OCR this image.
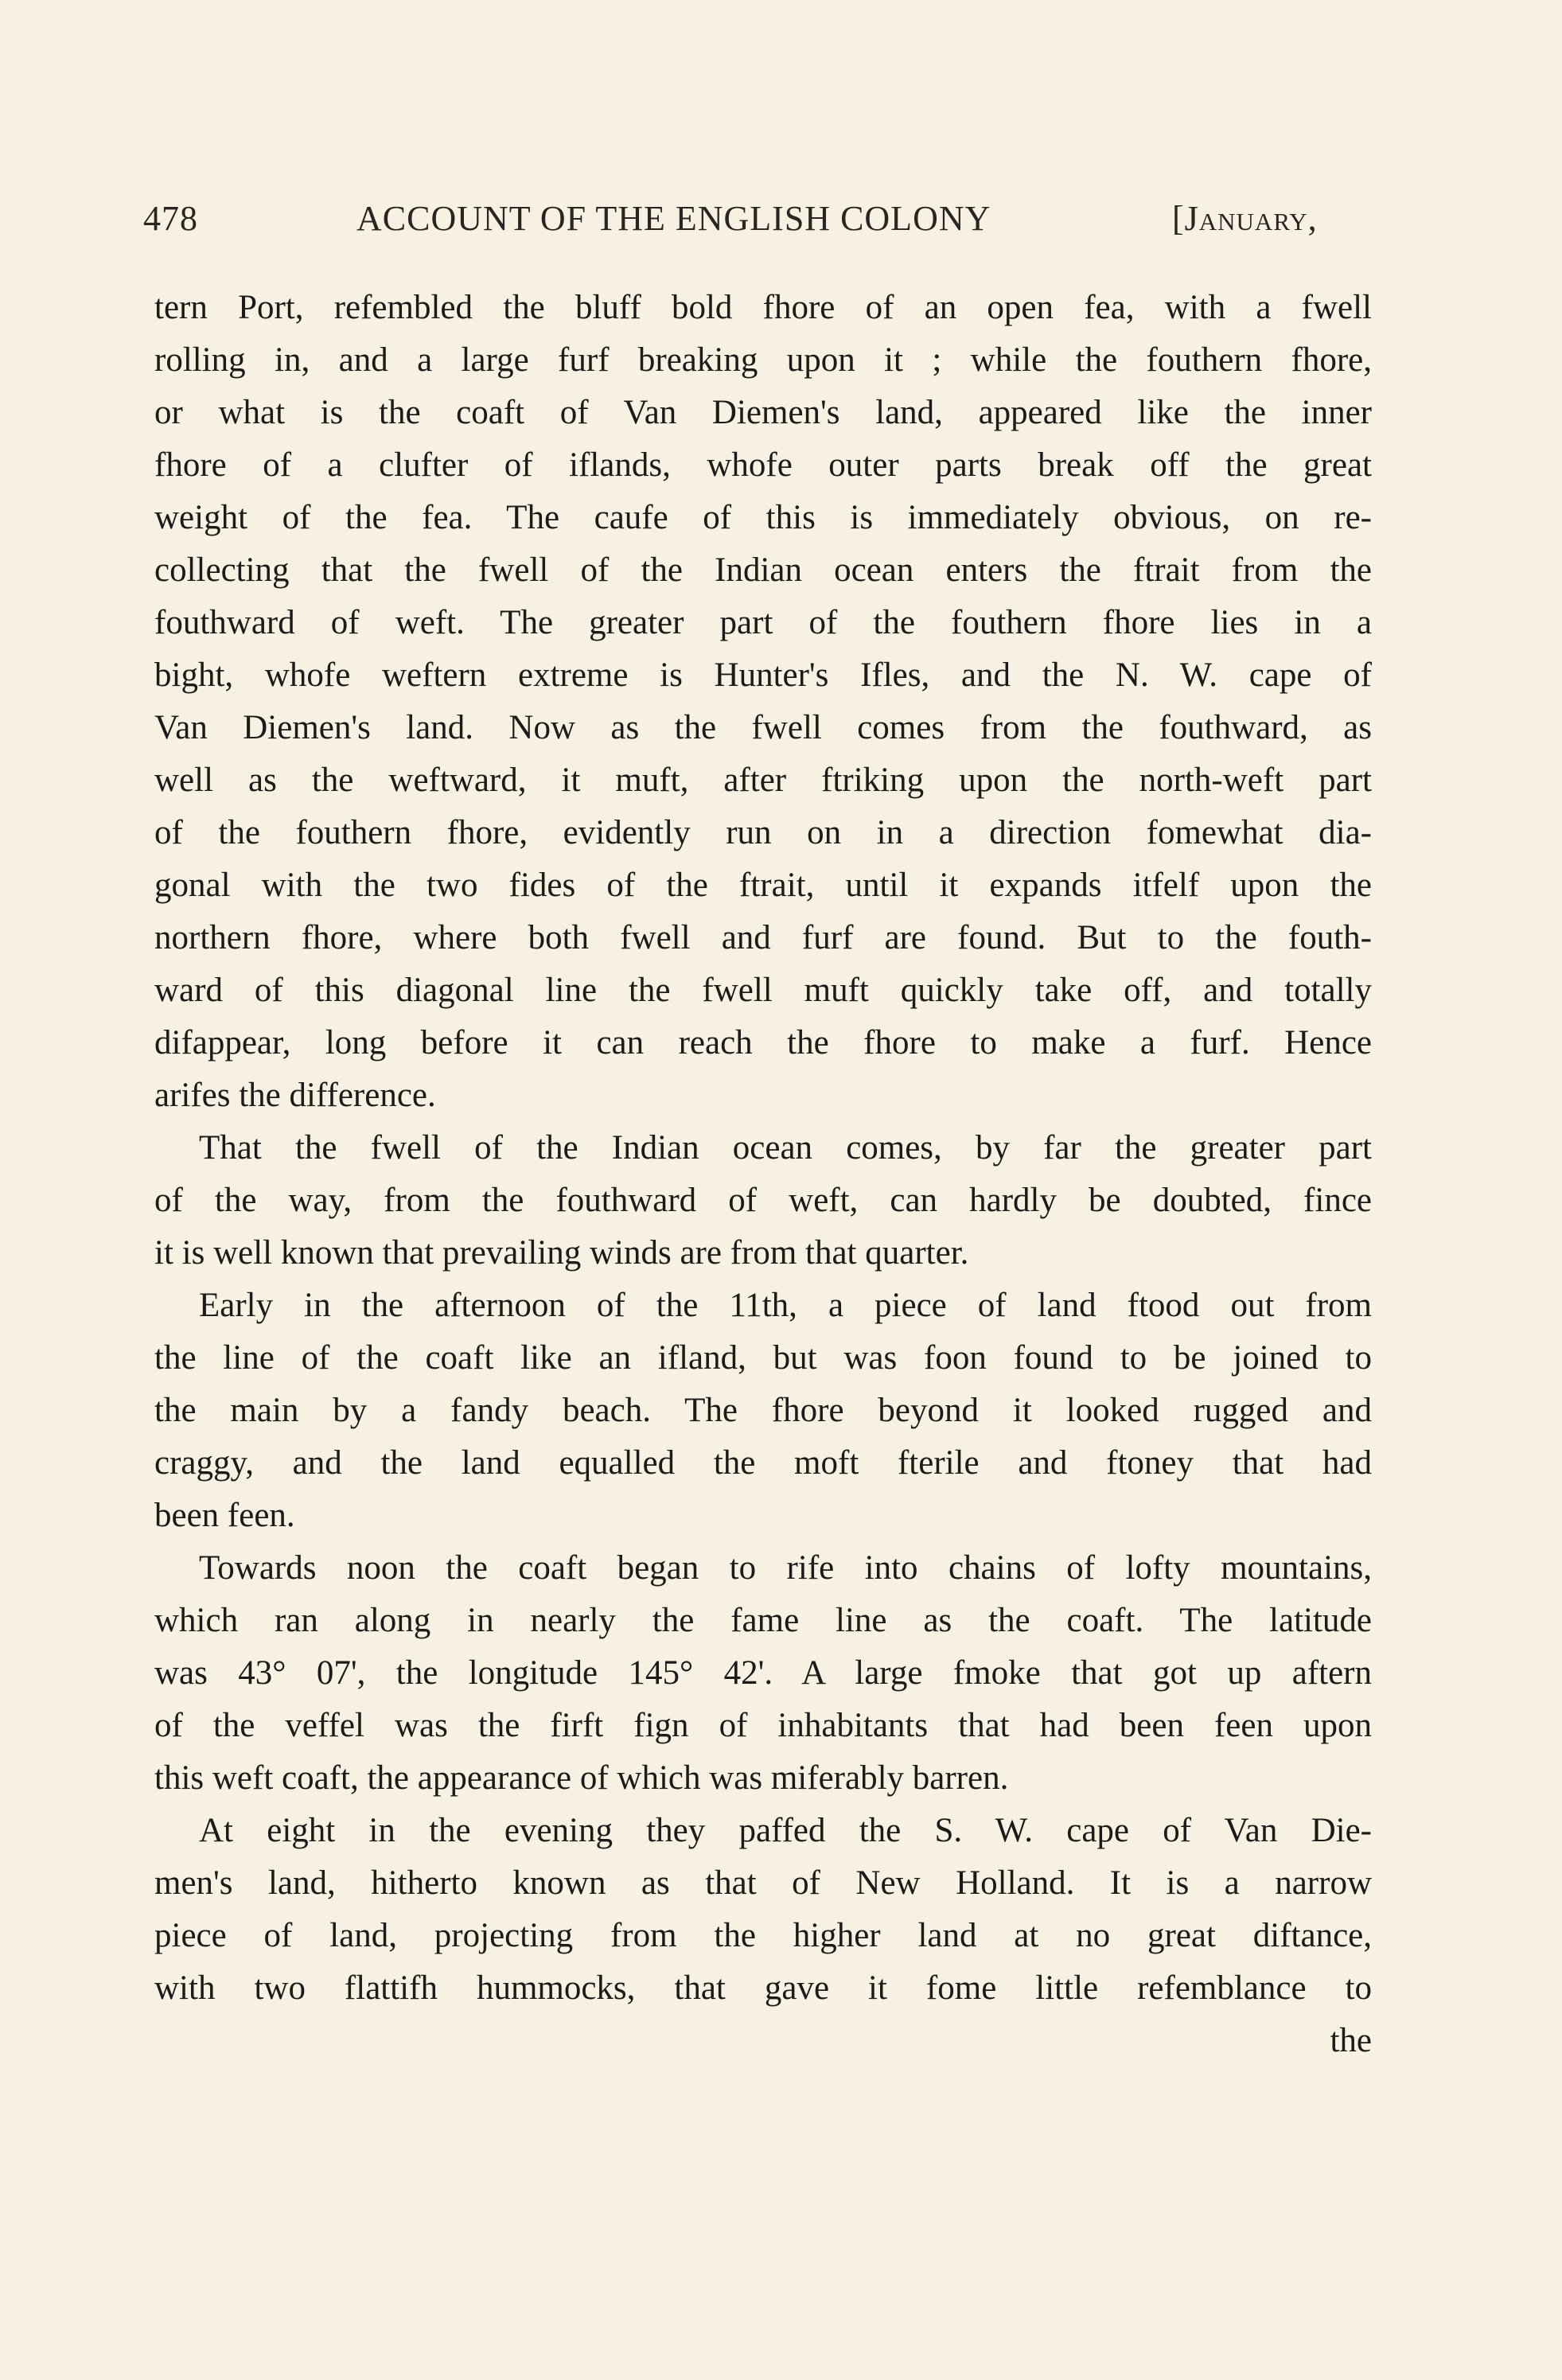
478	ACCOUNT OF THE ENGLISH COLONY	[January,
tern Port, refembled the bluff bold fhore of an open fea, with a fwell
rolling in, and a large furf breaking upon it ; while the fouthern fhore,
or what is the coaft of Van Diemen's land, appeared like the inner
fhore of a clufter of iflands, whofe outer parts break off the great
weight of the fea. The caufe of this is immediately obvious, on re-
collecting that the fwell of the Indian ocean enters the ftrait from the
fouthward of weft. The greater part of the fouthern fhore lies in a
bight, whofe weftern extreme is Hunter's Ifles, and the N. W. cape of
Van Diemen's land. Now as the fwell comes from the fouthward, as
well as the weftward, it muft, after ftriking upon the north-weft part
of the fouthern fhore, evidently run on in a direction fomewhat dia-
gonal with the two fides of the ftrait, until it expands itfelf upon the
northern fhore, where both fwell and furf are found. But to the fouth-
ward of this diagonal line the fwell muft quickly take off, and totally
difappear, long before it can reach the fhore to make a furf. Hence
arifes the difference.
That the fwell of the Indian ocean comes, by far the greater part
of the way, from the fouthward of weft, can hardly be doubted, fince
it is well known that prevailing winds are from that quarter.
Early in the afternoon of the 11th, a piece of land ftood out from
the line of the coaft like an ifland, but was foon found to be joined to
the main by a fandy beach. The fhore beyond it looked rugged and
craggy, and the land equalled the moft fterile and ftoney that had
been feen.
Towards noon the coaft began to rife into chains of lofty mountains,
which ran along in nearly the fame line as the coaft. The latitude
was 43° 07', the longitude 145° 42'. A large fmoke that got up aftern
of the veffel was the firft fign of inhabitants that had been feen upon
this weft coaft, the appearance of which was miferably barren.
At eight in the evening they paffed the S. W. cape of Van Die-
men's land, hitherto known as that of New Holland. It is a narrow
piece of land, projecting from the higher land at no great diftance,
with two flattifh hummocks, that gave it fome little refemblance to
the
